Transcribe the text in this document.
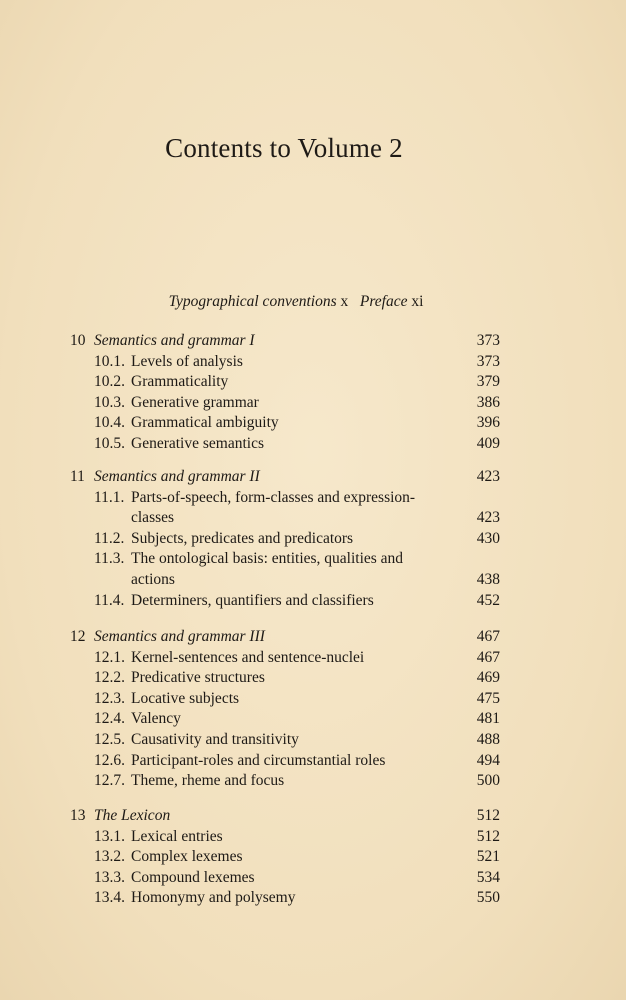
Contents to Volume 2
Typographical conventions x Preface xi
10 Semantics and grammar I	373
10.1. Levels of analysis	373
10.2. Grammaticality	379
10.3. Generative grammar	386
10.4. Grammatical ambiguity	396
10.5. Generative semantics	409
11 Semantics and grammar II	423
11.1. Parts-of-speech, form-classes and expression-
classes	423
11.2. Subjects, predicates and predicators	430
11.3. The ontological basis: entities, qualities and
actions	438
11.4. Determiners, quantifiers and classifiers	452
12 Semantics and grammar III	467
12.1. Kernel-sentences and sentence-nuclei	467
12.2. Predicative structures	469
12.3. Locative subjects	475
12.4. Valency	481
12.5. Causativity and transitivity	488
12.6. Participant-roles and circumstantial roles	494
12.7. Theme, rheme and focus	500
13 The Lexicon	512
13.1. Lexical entries	512
13.2. Complex lexemes	521
13.3. Compound lexemes	534
13.4. Homonymy and polysemy	550
